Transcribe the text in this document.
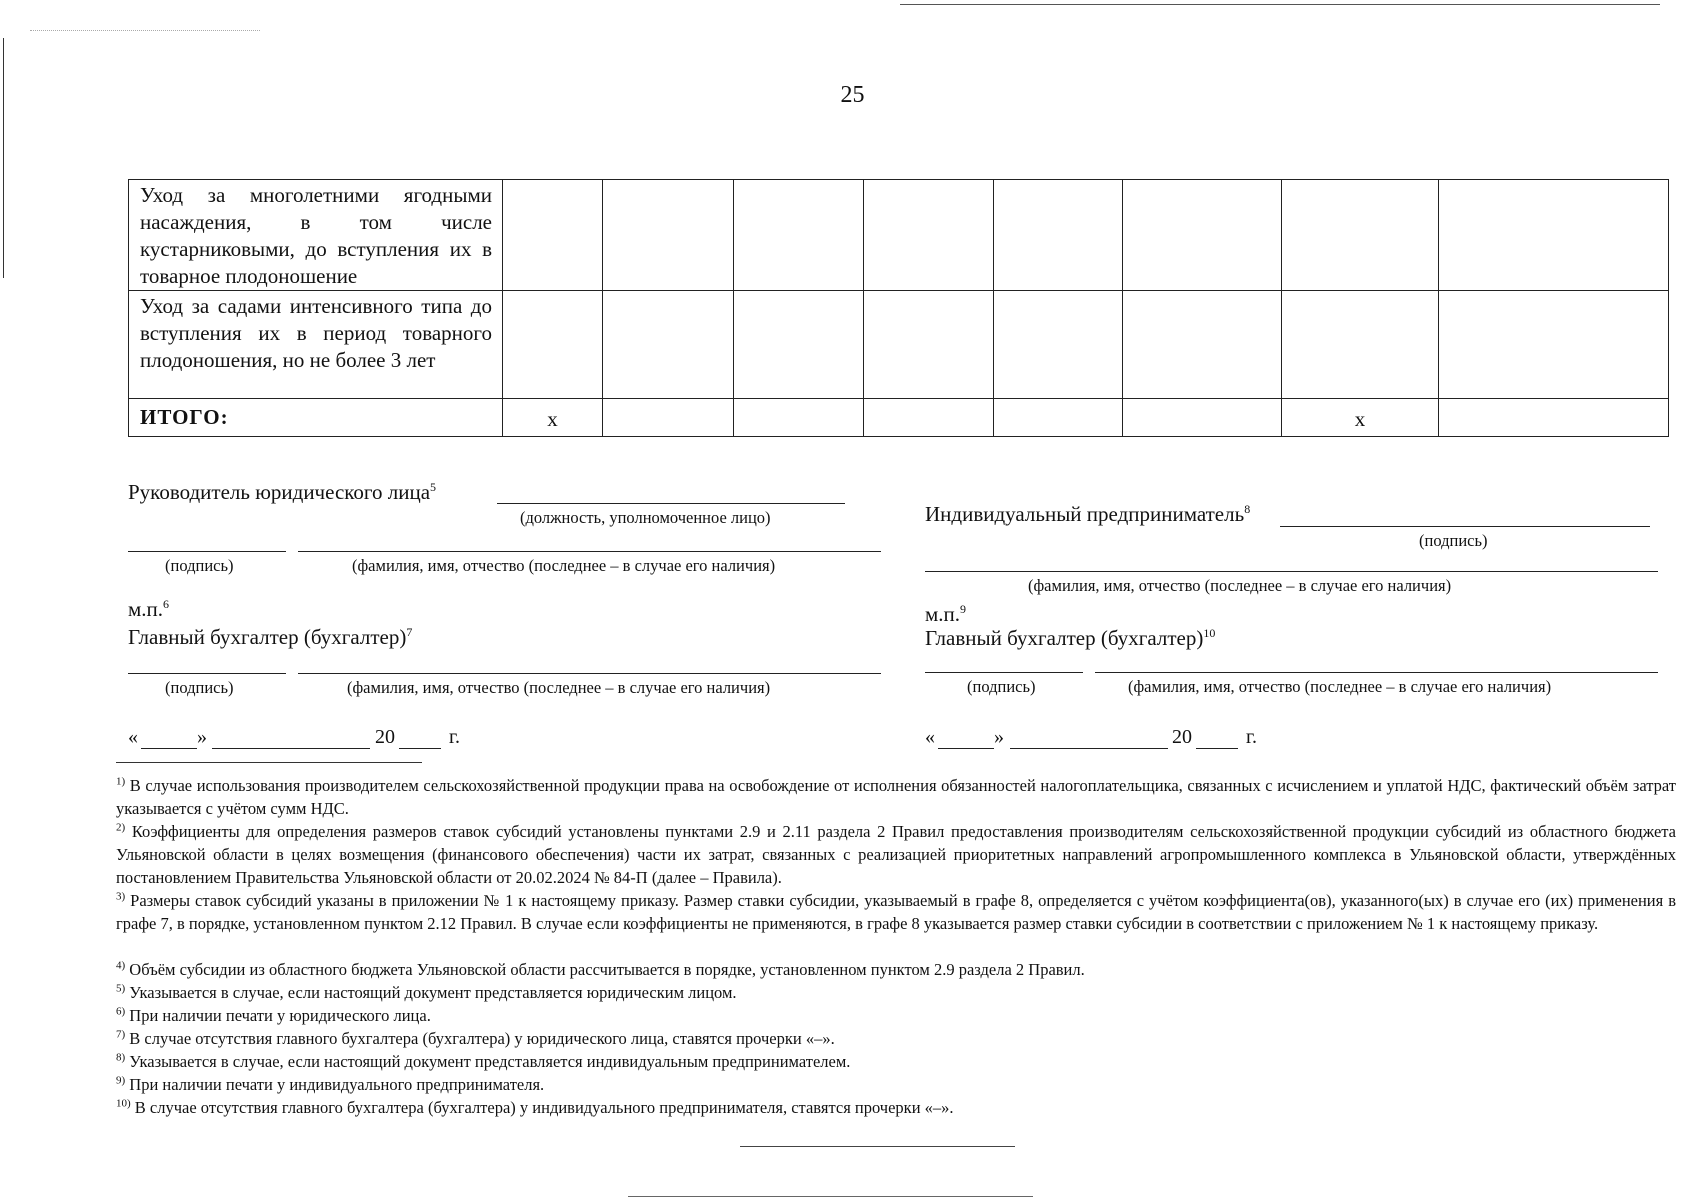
25
Уход за многолетними ягодными насаждения, в том числе кустарниковыми, до вступления их в товарное плодоношение								
Уход за садами интенсивного типа до вступления их в период товарного плодоношения, но не более 3 лет								
ИТОГО:	х						х	
Руководитель юридического лица$^5$
(должность, уполномоченное лицо)
(подпись)	(фамилия, имя, отчество (последнее – в случае его наличия)
м.п.$^6$
Главный бухгалтер (бухгалтер)$^7$
(подпись)	(фамилия, имя, отчество (последнее – в случае его наличия)
«	»	20	г.
Индивидуальный предприниматель$^8$
(подпись)
(фамилия, имя, отчество (последнее – в случае его наличия)
м.п.$^9$
Главный бухгалтер (бухгалтер)$^{10}$
(подпись)	(фамилия, имя, отчество (последнее – в случае его наличия)
«	»	20	г.
$^{1)}$ В случае использования производителем сельскохозяйственной продукции права на освобождение от исполнения обязанностей налогоплательщика, связанных с исчислением и уплатой НДС, фактический объём затрат указывается с учётом сумм НДС.
$^{2)}$ Коэффициенты для определения размеров ставок субсидий установлены пунктами 2.9 и 2.11 раздела 2 Правил предоставления производителям сельскохозяйственной продукции субсидий из областного бюджета Ульяновской области в целях возмещения (финансового обеспечения) части их затрат, связанных с реализацией приоритетных направлений агропромышленного комплекса в Ульяновской области, утверждённых постановлением Правительства Ульяновской области от 20.02.2024 № 84-П (далее – Правила).
$^{3)}$ Размеры ставок субсидий указаны в приложении № 1 к настоящему приказу. Размер ставки субсидии, указываемый в графе 8, определяется с учётом коэффициента(ов), указанного(ых) в случае его (их) применения в графе 7, в порядке, установленном пунктом 2.12 Правил. В случае если коэффициенты не применяются, в графе 8 указывается размер ставки субсидии в соответствии с приложением № 1 к настоящему приказу.
$^{4)}$ Объём субсидии из областного бюджета Ульяновской области рассчитывается в порядке, установленном пунктом 2.9 раздела 2 Правил.
$^{5)}$ Указывается в случае, если настоящий документ представляется юридическим лицом.
$^{6)}$ При наличии печати у юридического лица.
$^{7)}$ В случае отсутствия главного бухгалтера (бухгалтера) у юридического лица, ставятся прочерки «–».
$^{8)}$ Указывается в случае, если настоящий документ представляется индивидуальным предпринимателем.
$^{9)}$ При наличии печати у индивидуального предпринимателя.
$^{10)}$ В случае отсутствия главного бухгалтера (бухгалтера) у индивидуального предпринимателя, ставятся прочерки «–».
